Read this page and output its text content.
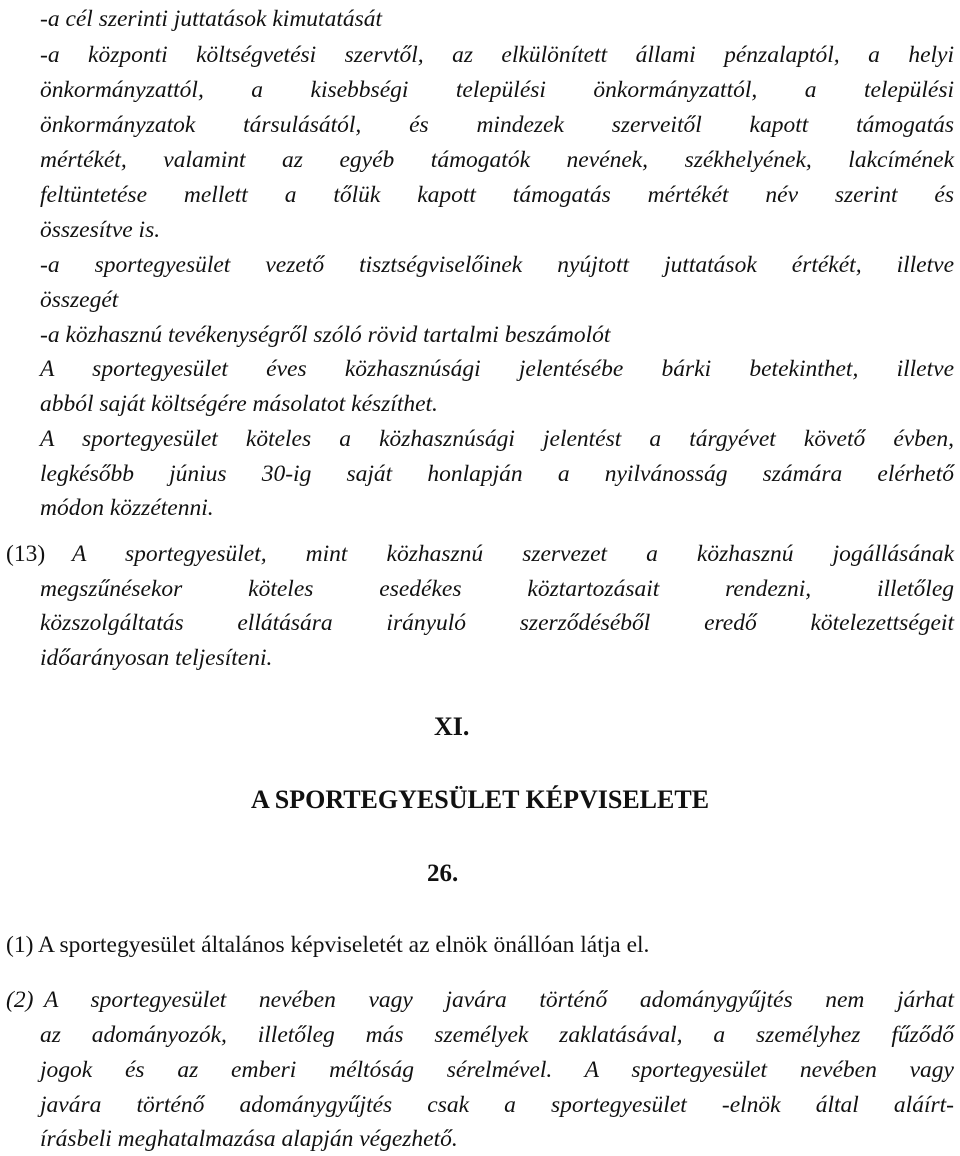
-a cél szerinti juttatások kimutatását
-a központi költségvetési szervtől, az elkülönített állami pénzalaptól, a helyi
önkormányzattól, a kisebbségi települési önkormányzattól, a települési
önkormányzatok társulásától, és mindezek szerveitől kapott támogatás
mértékét, valamint az egyéb támogatók nevének, székhelyének, lakcímének
feltüntetése mellett a tőlük kapott támogatás mértékét név szerint és
összesítve is.
-a sportegyesület vezető tisztségviselőinek nyújtott juttatások értékét, illetve
összegét
-a közhasznú tevékenységről szóló rövid tartalmi beszámolót
A sportegyesület éves közhasznúsági jelentésébe bárki betekinthet, illetve
abból saját költségére másolatot készíthet.
A sportegyesület köteles a közhasznúsági jelentést a tárgyévet követő évben,
legkésőbb június 30-ig saját honlapján a nyilvánosság számára elérhető
módon közzétenni.
(13) A sportegyesület, mint közhasznú szervezet a közhasznú jogállásának
megszűnésekor köteles esedékes köztartozásait rendezni, illetőleg
közszolgáltatás ellátására irányuló szerződéséből eredő kötelezettségeit
időarányosan teljesíteni.
XI.
A SPORTEGYESÜLET KÉPVISELETE
26.
(1) A sportegyesület általános képviseletét az elnök önállóan látja el.
(2) A sportegyesület nevében vagy javára történő adománygyűjtés nem járhat
az adományozók, illetőleg más személyek zaklatásával, a személyhez fűződő
jogok és az emberi méltóság sérelmével. A sportegyesület nevében vagy
javára történő adománygyűjtés csak a sportegyesület -elnök által aláírt-
írásbeli meghatalmazása alapján végezhető.
